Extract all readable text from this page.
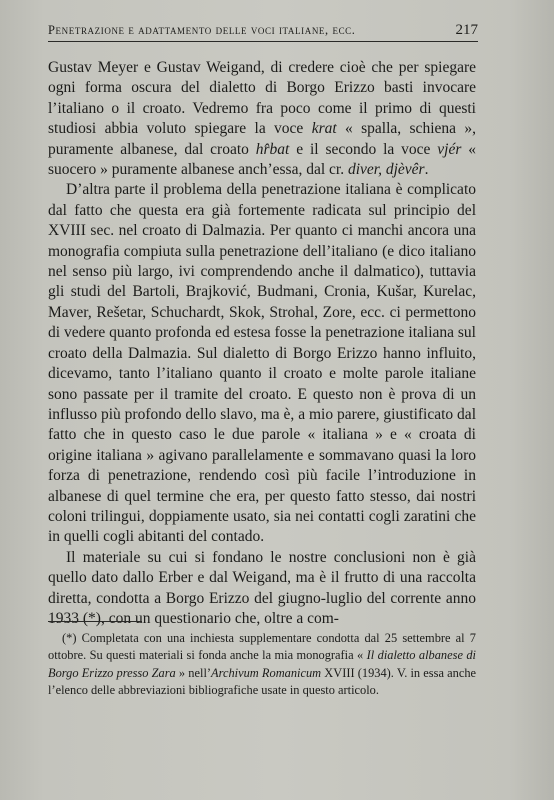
Penetrazione e adattamento delle voci italiane, ecc.	217

Gustav Meyer e Gustav Weigand, di credere cioè che per spiegare ogni forma oscura del dialetto di Borgo Erizzo basti invocare l’italiano o il croato. Vedremo fra poco come il primo di questi studiosi abbia voluto spiegare la voce krat « spalla, schiena », puramente albanese, dal croato hr̂bat e il secondo la voce vjér « suocero » puramente albanese anch’essa, dal cr. diver, djèvêr.

D’altra parte il problema della penetrazione italiana è complicato dal fatto che questa era già fortemente radicata sul principio del XVIII sec. nel croato di Dalmazia. Per quanto ci manchi ancora una monografia compiuta sulla penetrazione dell’italiano (e dico italiano nel senso più largo, ivi comprendendo anche il dalmatico), tuttavia gli studi del Bartoli, Brajković, Budmani, Cronia, Kušar, Kurelac, Maver, Rešetar, Schuchardt, Skok, Strohal, Zore, ecc. ci permettono di vedere quanto profonda ed estesa fosse la penetrazione italiana sul croato della Dalmazia. Sul dialetto di Borgo Erizzo hanno influito, dicevamo, tanto l’italiano quanto il croato e molte parole italiane sono passate per il tramite del croato. E questo non è prova di un influsso più profondo dello slavo, ma è, a mio parere, giustificato dal fatto che in questo caso le due parole « italiana » e « croata di origine italiana » agivano parallelamente e sommavano quasi la loro forza di penetrazione, rendendo così più facile l’introduzione in albanese di quel termine che era, per questo fatto stesso, dai nostri coloni trilingui, doppiamente usato, sia nei contatti cogli zaratini che in quelli cogli abitanti del contado.

Il materiale su cui si fondano le nostre conclusioni non è già quello dato dallo Erber e dal Weigand, ma è il frutto di una raccolta diretta, condotta a Borgo Erizzo del giugno-luglio del corrente anno 1933 (*), con un questionario che, oltre a com-

(*) Completata con una inchiesta supplementare condotta dal 25 settembre al 7 ottobre. Su questi materiali si fonda anche la mia monografia « Il dialetto albanese di Borgo Erizzo presso Zara » nell’Archivum Romanicum XVIII (1934). V. in essa anche l’elenco delle abbreviazioni bibliografiche usate in questo articolo.
